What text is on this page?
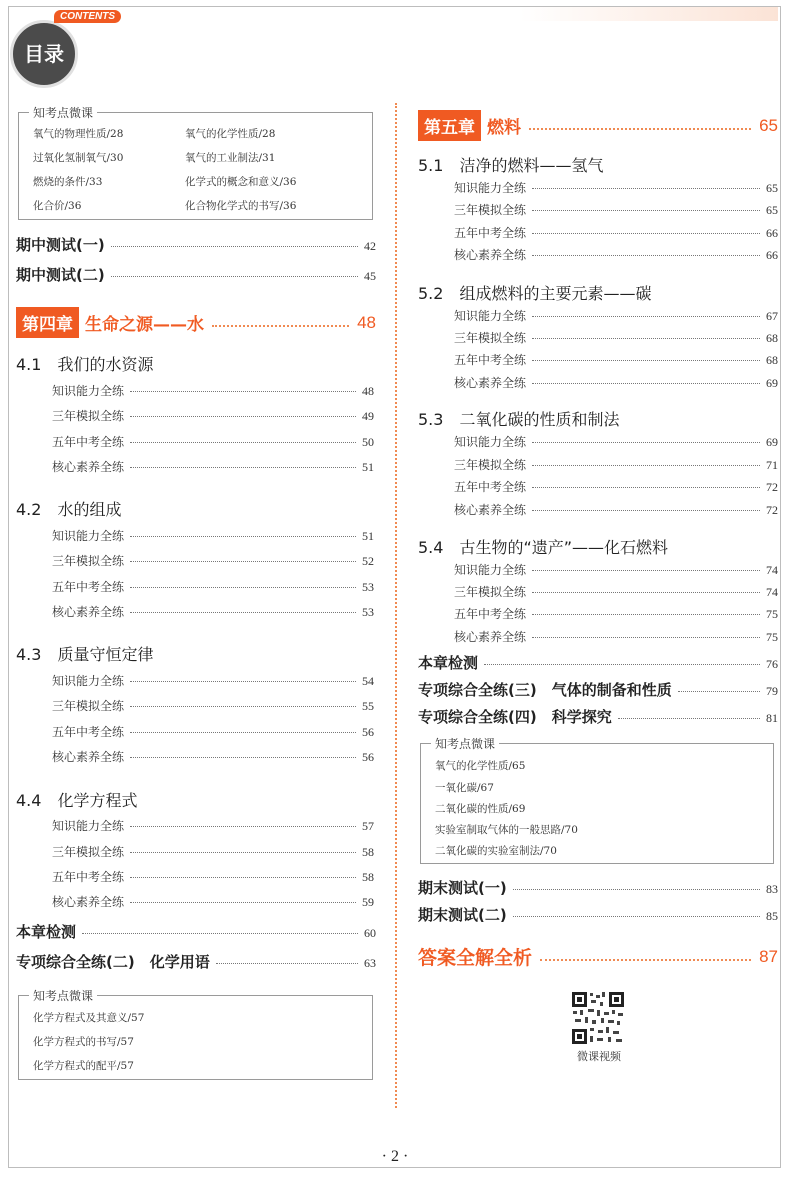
目录
CONTENTS
知考点微课
氧气的物理性质/28	氧气的化学性质/28
过氧化氢制氧气/30	氧气的工业制法/31
燃烧的条件/33	化学式的概念和意义/36
化合价/36	化合物化学式的书写/36
期中测试(一)	42
期中测试(二)	45
第四章 生命之源——水	48
4.1　我们的水资源
知识能力全练	48
三年模拟全练	49
五年中考全练	50
核心素养全练	51
4.2　水的组成
知识能力全练	51
三年模拟全练	52
五年中考全练	53
核心素养全练	53
4.3　质量守恒定律
知识能力全练	54
三年模拟全练	55
五年中考全练	56
核心素养全练	56
4.4　化学方程式
知识能力全练	57
三年模拟全练	58
五年中考全练	58
核心素养全练	59
本章检测	60
专项综合全练(二)　化学用语	63
知考点微课
化学方程式及其意义/57
化学方程式的书写/57
化学方程式的配平/57
第五章 燃料	65
5.1　洁净的燃料——氢气
知识能力全练	65
三年模拟全练	65
五年中考全练	66
核心素养全练	66
5.2　组成燃料的主要元素——碳
知识能力全练	67
三年模拟全练	68
五年中考全练	68
核心素养全练	69
5.3　二氧化碳的性质和制法
知识能力全练	69
三年模拟全练	71
五年中考全练	72
核心素养全练	72
5.4　古生物的“遗产”——化石燃料
知识能力全练	74
三年模拟全练	74
五年中考全练	75
核心素养全练	75
本章检测	76
专项综合全练(三)　气体的制备和性质	79
专项综合全练(四)　科学探究	81
知考点微课
氧气的化学性质/65
一氧化碳/67
二氧化碳的性质/69
实验室制取气体的一般思路/70
二氧化碳的实验室制法/70
期末测试(一)	83
期末测试(二)	85
答案全解全析	87
微课视频
· 2 ·
